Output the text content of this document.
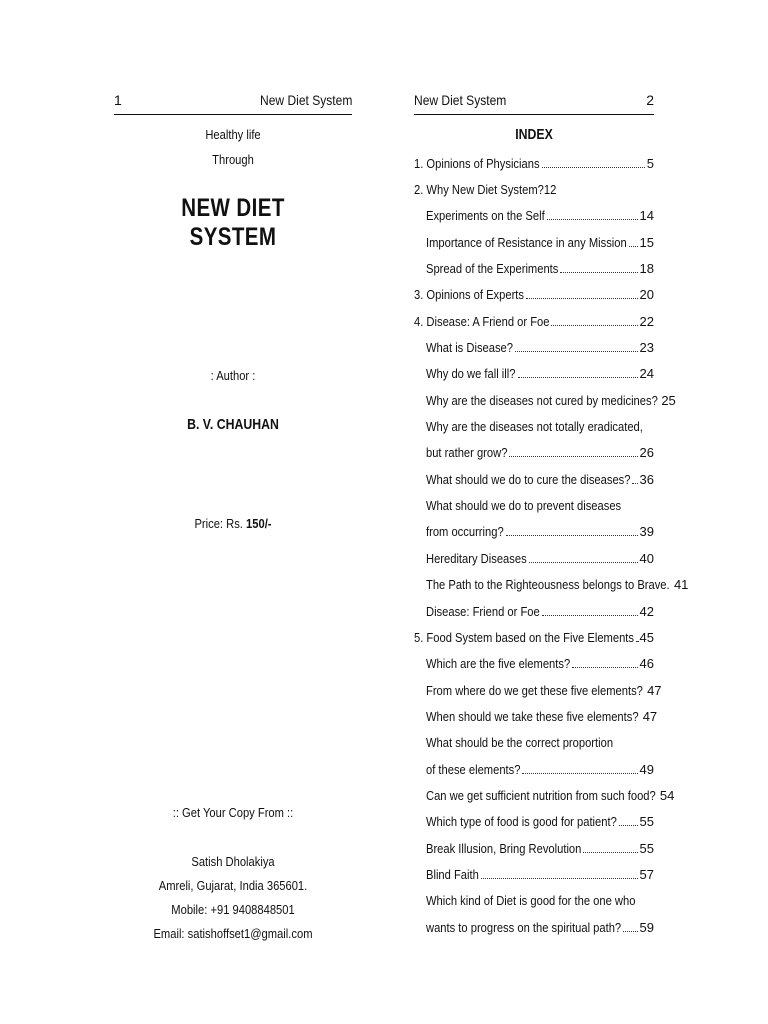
1	New Diet System
Healthy life
Through
NEW DIET SYSTEM
: Author :
B. V. CHAUHAN
Price: Rs. 150/-
:: Get Your Copy From ::
Satish Dholakiya
Amreli, Gujarat, India 365601.
Mobile: +91 9408848501
Email: satishoffset1@gmail.com
New Diet System	2
INDEX
1. Opinions of Physicians	5
2. Why New Diet System?12
Experiments on the Self	14
Importance of Resistance in any Mission 15
Spread of the Experiments	18
3. Opinions of Experts	20
4. Disease: A Friend or Foe	22
What is Disease?	23
Why do we fall ill?	24
Why are the diseases not cured by medicines? 25
Why are the diseases not totally eradicated,
but rather grow?	26
What should we do to cure the diseases? 36
What should we do to prevent diseases
from occurring?	39
Hereditary Diseases	40
The Path to the Righteousness belongs to Brave. 41
Disease: Friend or Foe	42
5. Food System based on the Five Elements 45
Which are the five elements?	46
From where do we get these five elements? 47
When should we take these five elements? 47
What should be the correct proportion
of these elements?	49
Can we get sufficient nutrition from such food? 54
Which type of food is good for patient? 55
Break Illusion, Bring Revolution	55
Blind Faith	57
Which kind of Diet is good for the one who
wants to progress on the spiritual path? 59
